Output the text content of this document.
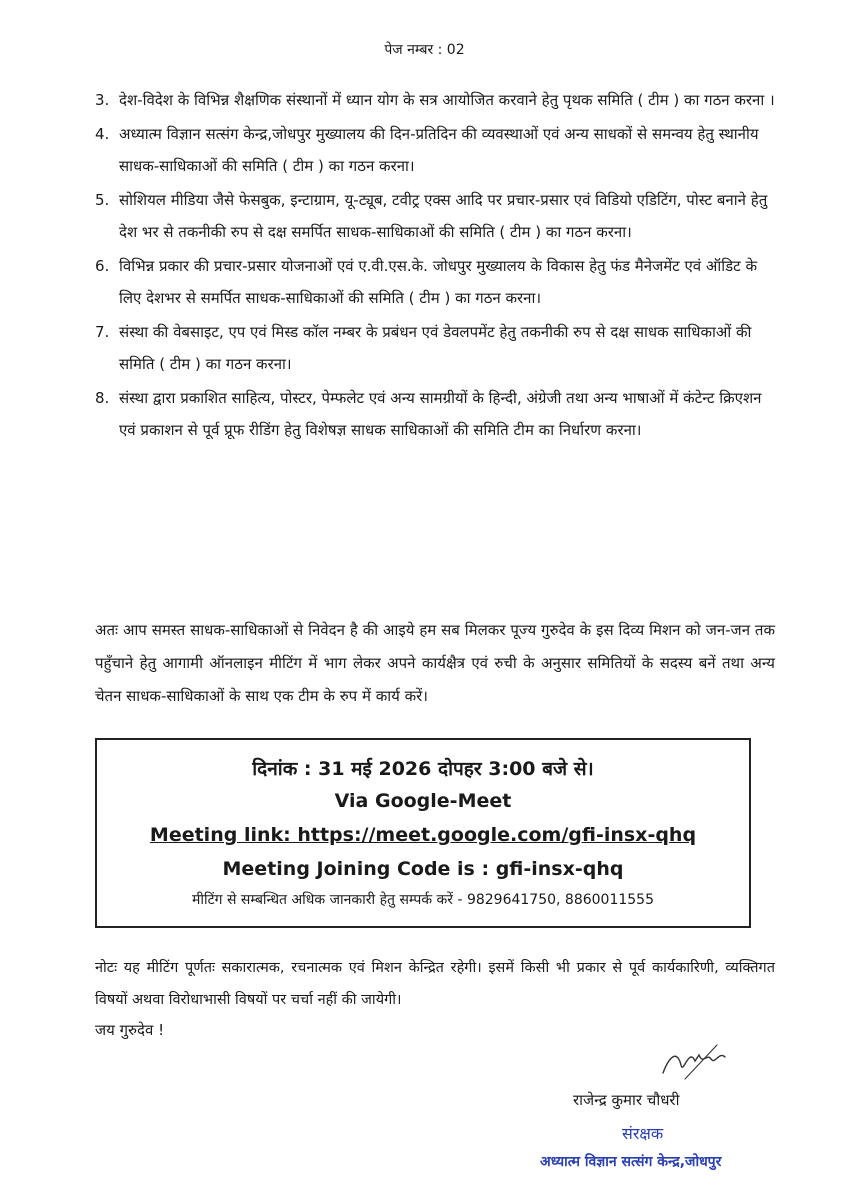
पेज नम्बर : 02
3. देश-विदेश के विभिन्न शैक्षणिक संस्थानों में ध्यान योग के सत्र आयोजित करवाने हेतु पृथक समिति ( टीम ) का गठन करना ।
4. अध्यात्म विज्ञान सत्संग केन्द्र,जोधपुर मुख्यालय की दिन-प्रतिदिन की व्यवस्थाओं एवं अन्य साधकों से समन्वय हेतु स्थानीय साधक-साधिकाओं की समिति ( टीम ) का गठन करना।
5. सोशियल मीडिया जैसे फेसबुक, इन्टाग्राम, यू-ट्यूब, टवीट्र एक्स आदि पर प्रचार-प्रसार एवं विडियो एडिटिंग, पोस्ट बनाने हेतु देश भर से तकनीकी रुप से दक्ष समर्पित साधक-साधिकाओं की समिति ( टीम ) का गठन करना।
6. विभिन्न प्रकार की प्रचार-प्रसार योजनाओं एवं ए.वी.एस.के. जोधपुर मुख्यालय के विकास हेतु फंड मैनेजमेंट एवं ऑडिट के लिए देशभर से समर्पित साधक-साधिकाओं की समिति ( टीम ) का गठन करना।
7. संस्था की वेबसाइट, एप एवं मिस्ड कॉल नम्बर के प्रबंधन एवं डेवलपमेंट हेतु तकनीकी रुप से दक्ष साधक साधिकाओं की समिति ( टीम ) का गठन करना।
8. संस्था द्वारा प्रकाशित साहित्य, पोस्टर, पेम्फलेट एवं अन्य सामग्रीयों के हिन्दी, अंग्रेजी तथा अन्य भाषाओं में कंटेन्ट क्रिएशन एवं प्रकाशन से पूर्व प्रूफ रीडिंग हेतु विशेषज्ञ साधक साधिकाओं की समिति टीम का निर्धारण करना।
अतः आप समस्त साधक-साधिकाओं से निवेदन है की आइये हम सब मिलकर पूज्य गुरुदेव के इस दिव्य मिशन को जन-जन तक पहुँचाने हेतु आगामी ऑनलाइन मीटिंग में भाग लेकर अपने कार्यक्षैत्र एवं रुची के अनुसार समितियों के सदस्य बनें तथा अन्य चेतन साधक-साधिकाओं के साथ एक टीम के रुप में कार्य करें।
दिनांक : 31 मई 2026 दोपहर 3:00 बजे से।
Via Google-Meet
Meeting link: https://meet.google.com/gfi-insx-qhq
Meeting Joining Code is : gfi-insx-qhq
मीटिंग से सम्बन्धित अधिक जानकारी हेतु सम्पर्क करें - 9829641750, 8860011555
नोटः यह मीटिंग पूर्णतः सकारात्मक, रचनात्मक एवं मिशन केन्द्रित रहेगी। इसमें किसी भी प्रकार से पूर्व कार्यकारिणी, व्यक्तिगत विषयों अथवा विरोधाभासी विषयों पर चर्चा नहीं की जायेगी।
जय गुरुदेव !
राजेन्द्र कुमार चौधरी
संरक्षक
अध्यात्म विज्ञान सत्संग केन्द्र,जोधपुर
